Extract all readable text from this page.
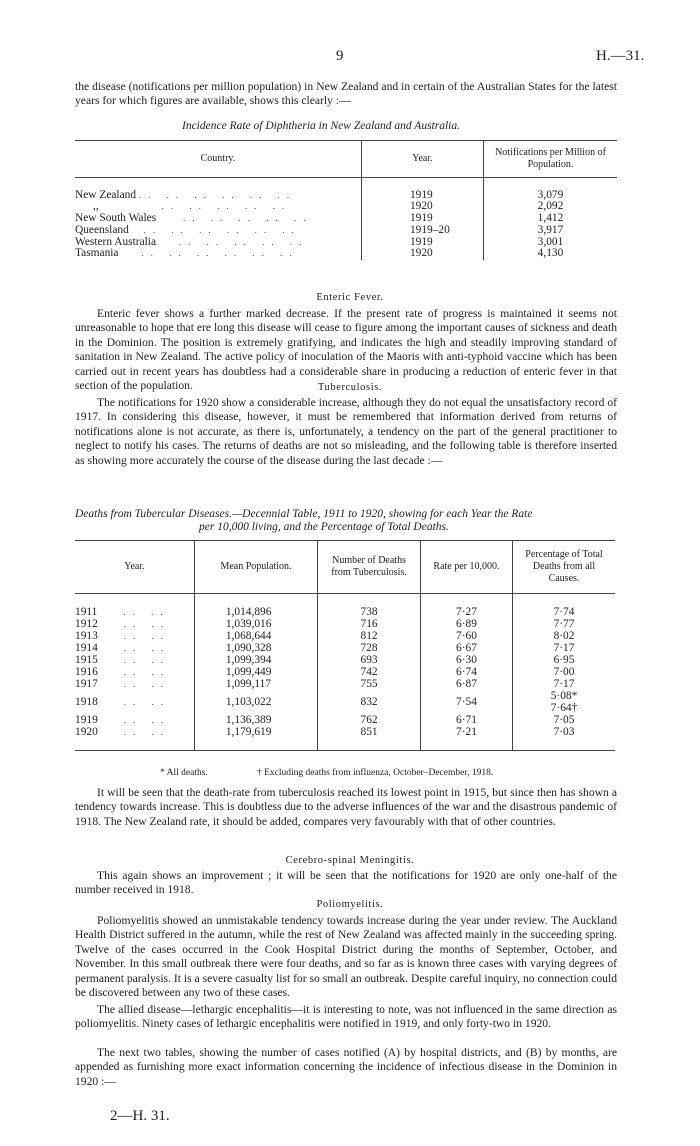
9	H.—31.

the disease (notifications per million population) in New Zealand and in certain of the Australian States for the latest years for which figures are available, shows this clearly :—

Incidence Rate of Diphtheria in New Zealand and Australia.

Country.	Year.	Notifications per Million of Population.

New Zealand .. .. .. .. .. ..	1919	3,079
,, .. .. .. .. ..	1920	2,092
New South Wales .. .. .. .. ..	1919	1,412
Queensland .. .. .. .. .. ..	1919–20	3,917
Western Australia .. .. .. .. ..	1919	3,001
Tasmania .. .. .. .. .. ..	1920	4,130
Enteric Fever.

Enteric fever shows a further marked decrease. If the present rate of progress is maintained it seems not unreasonable to hope that ere long this disease will cease to figure among the important causes of sickness and death in the Dominion. The position is extremely gratifying, and indicates the high and steadily improving standard of sanitation in New Zealand. The active policy of inoculation of the Maoris with anti-typhoid vaccine which has been carried out in recent years has doubtless had a considerable share in producing a reduction of enteric fever in that section of the population.	Tuberculosis.

The notifications for 1920 show a considerable increase, although they do not equal the unsatisfactory record of 1917. In considering this disease, however, it must be remembered that information derived from returns of notifications alone is not accurate, as there is, unfortunately, a tendency on the part of the general practitioner to neglect to notify his cases. The returns of deaths are not so misleading, and the following table is therefore inserted as showing more accurately the course of the disease during the last decade :—

Deaths from Tubercular Diseases.—Decennial Table, 1911 to 1920, showing for each Year the Rate

per 10,000 living, and the Percentage of Total Deaths.

Year.	Mean Population.	Number of Deaths from Tuberculosis.	Rate per 10,000.	Percentage of Total Deaths from all Causes.

1911 .. ..	1,014,896	738	7·27	7·74

1912 .. ..	1,039,016	716	6·89	7·77

1913 .. ..	1,068,644	812	7·60	8·02

1914 .. ..	1,090,328	728	6·67	7·17

1915 .. ..	1,099,394	693	6·30	6·95

1916 .. ..	1,099,449	742	6·74	7·00

1917 .. ..	1,099,117	755	6·87	7·17

1918 .. ..	1,103,022	832	7·54	5·08*
7·64†

1919 .. ..	1,136,389	762	6·71	7·05

1920 .. ..	1,179,619	851	7·21	7·03

* All deaths.	† Excluding deaths from influenza, October–December, 1918.

It will be seen that the death-rate from tuberculosis reached its lowest point in 1915, but since then has shown a tendency towards increase. This is doubtless due to the adverse influences of the war and the disastrous pandemic of 1918. The New Zealand rate, it should be added, compares very favourably with that of other countries.

Cerebro-spinal Meningitis.

This again shows an improvement ; it will be seen that the notifications for 1920 are only one-half of the number received in 1918.

Poliomyelitis.

Poliomyelitis showed an unmistakable tendency towards increase during the year under review. The Auckland Health District suffered in the autumn, while the rest of New Zealand was affected mainly in the succeeding spring. Twelve of the cases occurred in the Cook Hospital District during the months of September, October, and November. In this small outbreak there were four deaths, and so far as is known three cases with varying degrees of permanent paralysis. It is a severe casualty list for so small an outbreak. Despite careful inquiry, no connection could be discovered between any two of these cases.

The allied disease—lethargic encephalitis—it is interesting to note, was not influenced in the same direction as poliomyelitis. Ninety cases of lethargic encephalitis were notified in 1919, and only forty-two in 1920.

The next two tables, showing the number of cases notified (A) by hospital districts, and (B) by months, are appended as furnishing more exact information concerning the incidence of infectious disease in the Dominion in 1920 :—

2—H. 31.
